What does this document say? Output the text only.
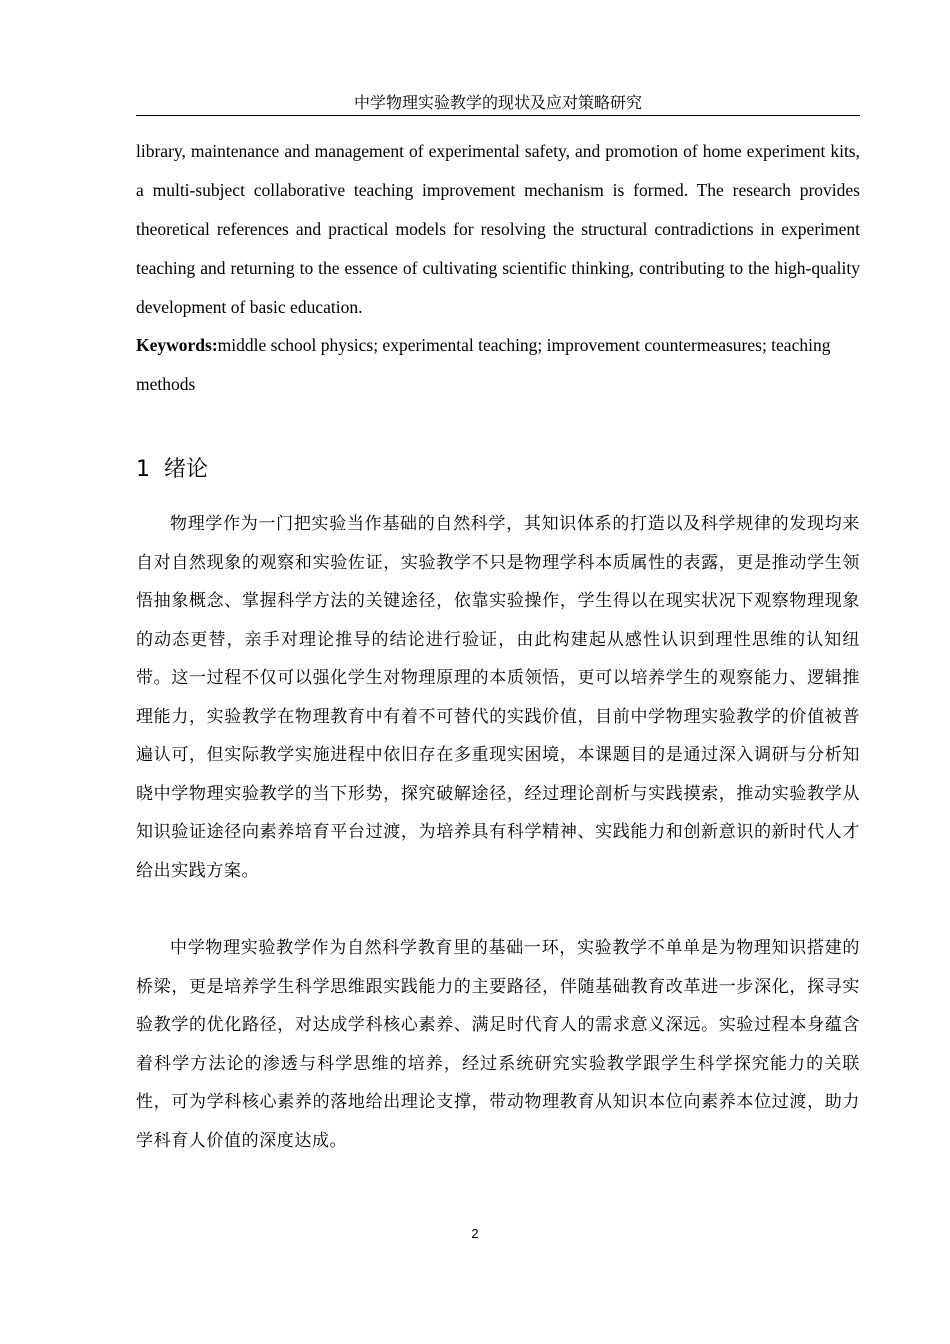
中学物理实验教学的现状及应对策略研究

library, maintenance and management of experimental safety, and promotion of home experiment kits, a multi-subject collaborative teaching improvement mechanism is formed. The research provides theoretical references and practical models for resolving the structural contradictions in experiment teaching and returning to the essence of cultivating scientific thinking, contributing to the high-quality development of basic education.

Keywords:middle school physics; experimental teaching; improvement countermeasures; teaching methods

1 绪论

物理学作为一门把实验当作基础的自然科学，其知识体系的打造以及科学规律的发现均来自对自然现象的观察和实验佐证，实验教学不只是物理学科本质属性的表露，更是推动学生领悟抽象概念、掌握科学方法的关键途径，依靠实验操作，学生得以在现实状况下观察物理现象的动态更替，亲手对理论推导的结论进行验证，由此构建起从感性认识到理性思维的认知纽带。这一过程不仅可以强化学生对物理原理的本质领悟，更可以培养学生的观察能力、逻辑推理能力，实验教学在物理教育中有着不可替代的实践价值，目前中学物理实验教学的价值被普遍认可，但实际教学实施进程中依旧存在多重现实困境，本课题目的是通过深入调研与分析知晓中学物理实验教学的当下形势，探究破解途径，经过理论剖析与实践摸索，推动实验教学从知识验证途径向素养培育平台过渡，为培养具有科学精神、实践能力和创新意识的新时代人才给出实践方案。

中学物理实验教学作为自然科学教育里的基础一环，实验教学不单单是为物理知识搭建的桥梁，更是培养学生科学思维跟实践能力的主要路径，伴随基础教育改革进一步深化，探寻实验教学的优化路径，对达成学科核心素养、满足时代育人的需求意义深远。实验过程本身蕴含着科学方法论的渗透与科学思维的培养，经过系统研究实验教学跟学生科学探究能力的关联性，可为学科核心素养的落地给出理论支撑，带动物理教育从知识本位向素养本位过渡，助力学科育人价值的深度达成。

2
